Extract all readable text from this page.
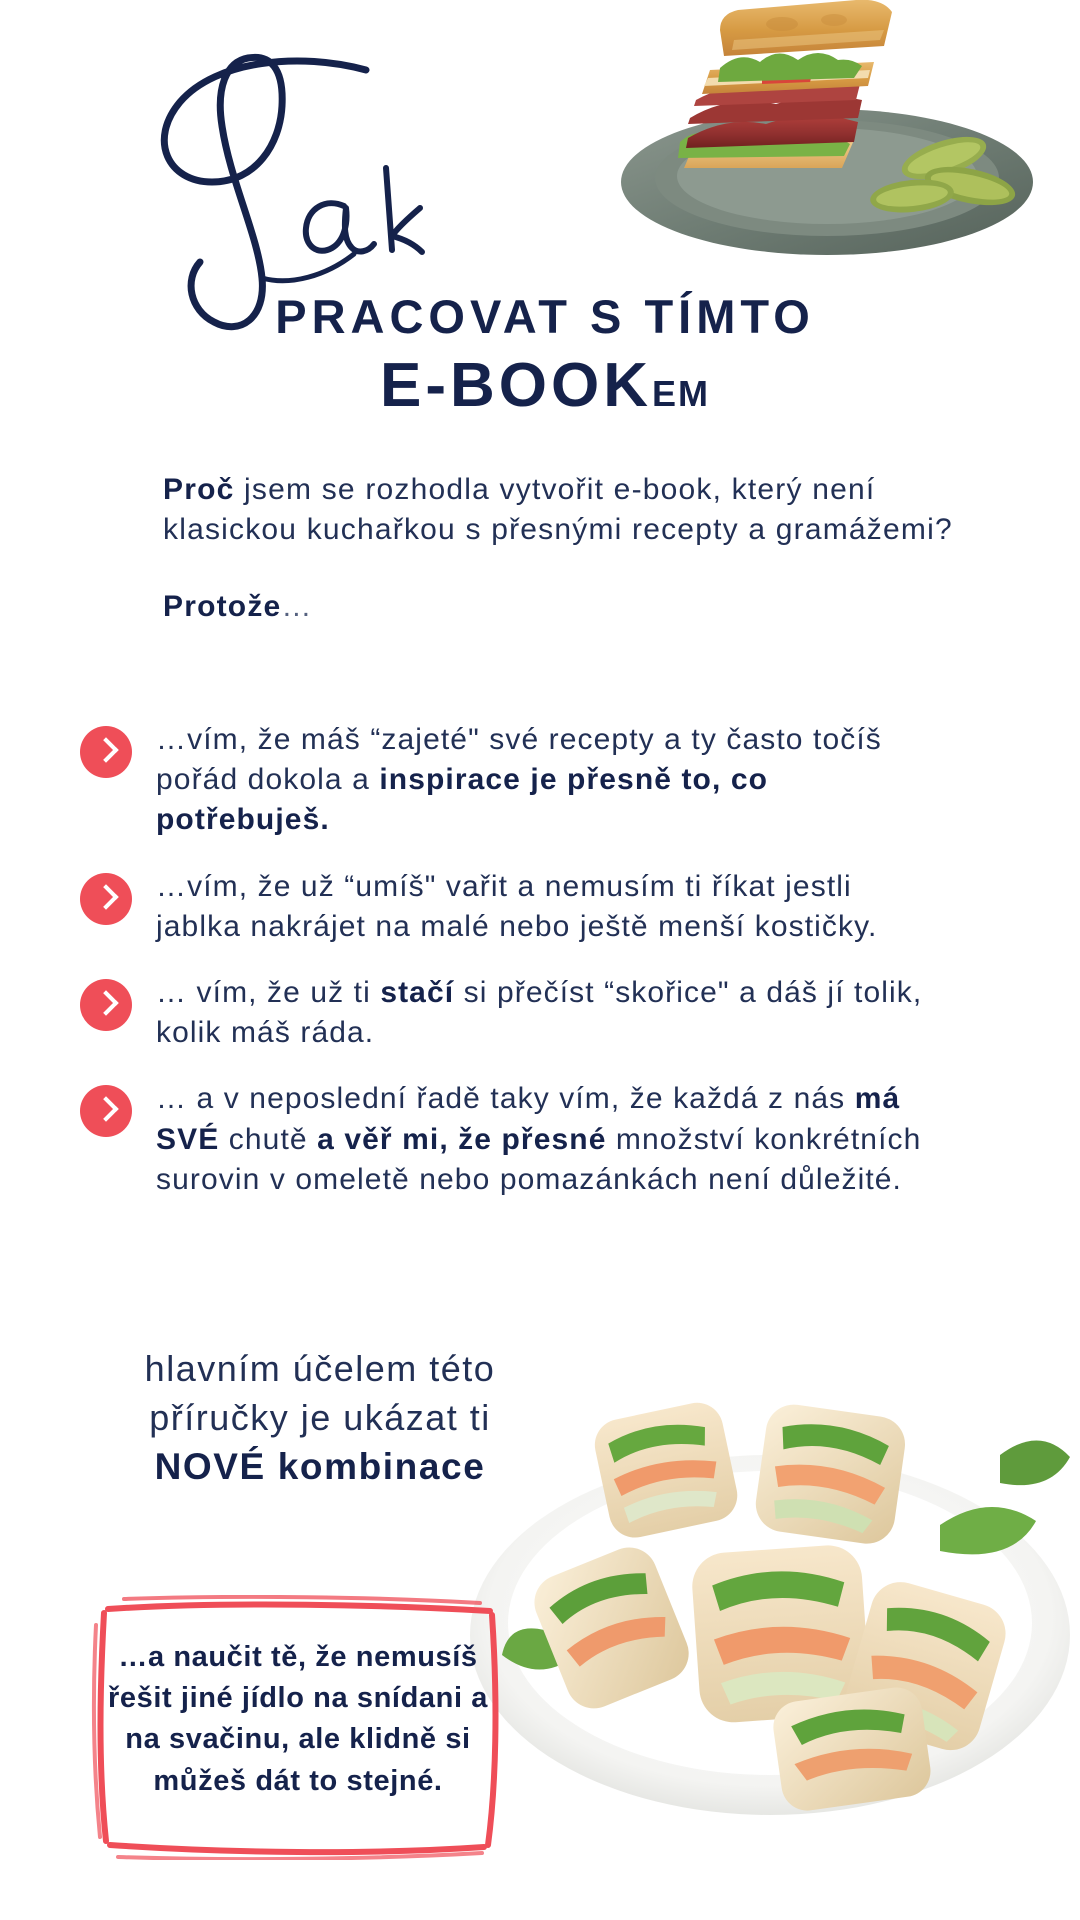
PRACOVAT S TÍMTO
E-BOOKEM

Proč jsem se rozhodla vytvořit e-book, který není klasickou kuchařkou s přesnými recepty a gramážemi?

Protože…

…vím, že máš “zajeté" své recepty a ty často točíš pořád dokola a inspirace je přesně to, co potřebuješ.
…vím, že už “umíš" vařit a nemusím ti říkat jestli jablka nakrájet na malé nebo ještě menší kostičky.
… vím, že už ti stačí si přečíst “skořice" a dáš jí tolik, kolik máš ráda.
… a v neposlední řadě taky vím, že každá z nás má SVÉ chutě a věř mi, že přesné množství konkrétních surovin v omeletě nebo pomazánkách není důležité.
hlavním účelem této
příručky je ukázat ti
NOVÉ kombinace
…a naučit tě, že nemusíš řešit jiné jídlo na snídani a na svačinu, ale klidně si můžeš dát to stejné.
